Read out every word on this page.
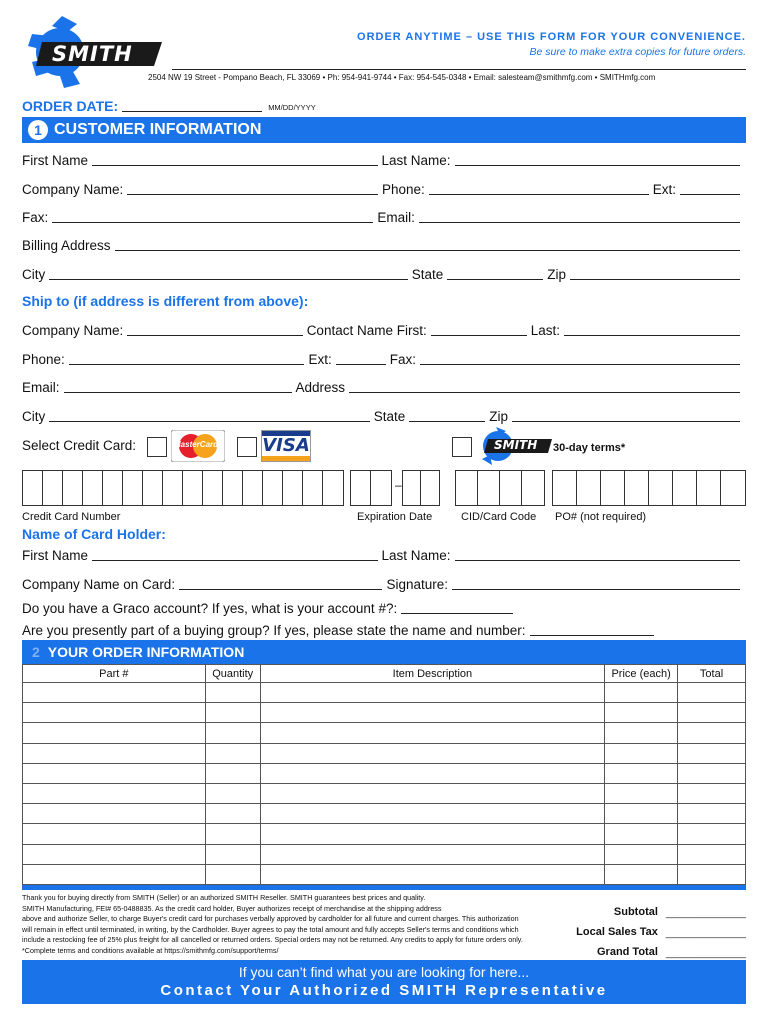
SMITH
ORDER ANYTIME – USE THIS FORM FOR YOUR CONVENIENCE.
Be sure to make extra copies for future orders.
2504 NW 19 Street - Pompano Beach, FL 33069 • Ph: 954-941-9744 • Fax: 954-545-0348 • Email: salesteam@smithmfg.com • SMITHmfg.com
ORDER DATE:	MM/DD/YYYY
1 CUSTOMER INFORMATION
First Name	Last Name:
Company Name:	Phone:	Ext:
Fax:	Email:
Billing Address
City	State	Zip
Ship to (if address is different from above):
Company Name:	Contact Name First:	Last:
Phone:	Ext:	Fax:
Email:	Address
City	State	Zip
Select Credit Card:	MasterCard VISA	SMITH 30-day terms*
–
Credit Card Number	Expiration Date	CID/Card Code PO# (not required)
Name of Card Holder:
First Name	Last Name:
Company Name on Card:	Signature:
Do you have a Graco account? If yes, what is your account #?:
Are you presently part of a buying group? If yes, please state the name and number:
2 YOUR ORDER INFORMATION
Part #	Quantity	Item Description	Price (each)	Total

Thank you for buying directly from SMITH (Seller) or an authorized SMITH Reseller. SMITH guarantees best prices and quality.
SMITH Manufacturing, FEI# 65-0488835. As the credit card holder, Buyer authorizes receipt of merchandise at the shipping address
above and authorize Seller, to charge Buyer's credit card for purchases verbally approved by cardholder for all future and current charges. This authorization
will remain in effect until terminated, in writing, by the Cardholder. Buyer agrees to pay the total amount and fully accepts Seller's terms and conditions which
include a restocking fee of 25% plus freight for all cancelled or returned orders. Special orders may not be returned. Any credits to apply for future orders only.
*Complete terms and conditions available at https://smithmfg.com/support/terms/
Subtotal ________________
Local Sales Tax ________________
Grand Total ________________
If you can’t find what you are looking for here...
Contact Your Authorized SMITH Representative
